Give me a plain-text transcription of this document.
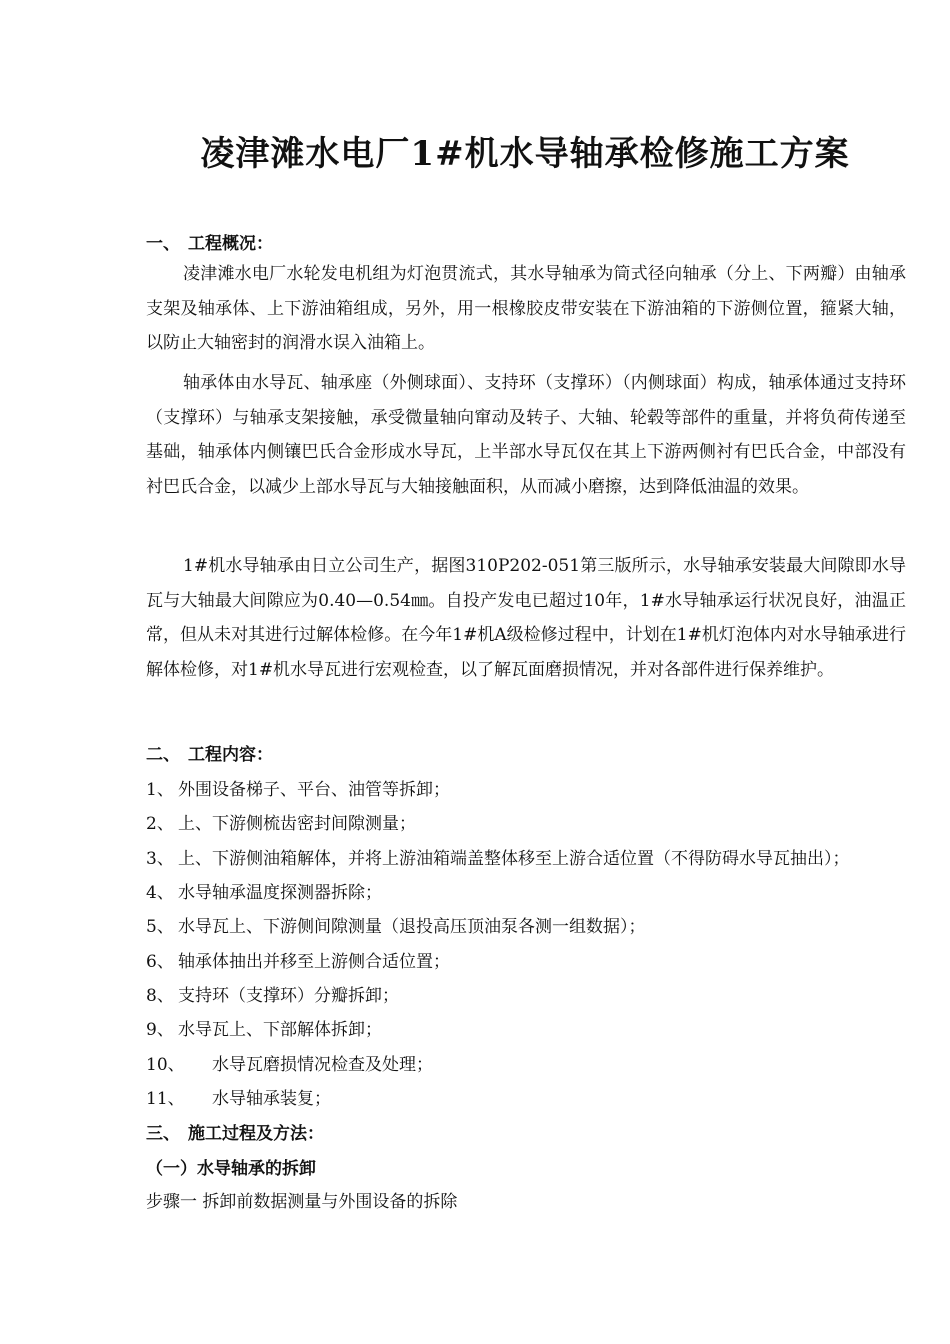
凌津滩水电厂1#机水导轴承检修施工方案
一、 工程概况：

凌津滩水电厂水轮发电机组为灯泡贯流式，其水导轴承为筒式径向轴承（分上、下两瓣）由轴承支架及轴承体、上下游油箱组成，另外，用一根橡胶皮带安装在下游油箱的下游侧位置，箍紧大轴，以防止大轴密封的润滑水误入油箱上。

轴承体由水导瓦、轴承座（外侧球面）、支持环（支撑环）（内侧球面）构成，轴承体通过支持环（支撑环）与轴承支架接触，承受微量轴向窜动及转子、大轴、轮毂等部件的重量，并将负荷传递至基础，轴承体内侧镶巴氏合金形成水导瓦，上半部水导瓦仅在其上下游两侧衬有巴氏合金，中部没有衬巴氏合金，以减少上部水导瓦与大轴接触面积，从而减小磨擦，达到降低油温的效果。

1#机水导轴承由日立公司生产，据图310P202-051第三版所示，水导轴承安装最大间隙即水导瓦与大轴最大间隙应为0.40—0.54㎜。自投产发电已超过10年，1#水导轴承运行状况良好，油温正常，但从未对其进行过解体检修。在今年1#机A级检修过程中，计划在1#机灯泡体内对水导轴承进行解体检修，对1#机水导瓦进行宏观检查，以了解瓦面磨损情况，并对各部件进行保养维护。

二、 工程内容：
1、 外围设备梯子、平台、油管等拆卸；
2、 上、下游侧梳齿密封间隙测量；
3、 上、下游侧油箱解体，并将上游油箱端盖整体移至上游合适位置（不得防碍水导瓦抽出）；
4、 水导轴承温度探测器拆除；
5、 水导瓦上、下游侧间隙测量（退投高压顶油泵各测一组数据）；
6、 轴承体抽出并移至上游侧合适位置；
8、 支持环（支撑环）分瓣拆卸；
9、 水导瓦上、下部解体拆卸；
10、 水导瓦磨损情况检查及处理；
11、 水导轴承装复；
三、 施工过程及方法：
（一）水导轴承的拆卸
步骤一 拆卸前数据测量与外围设备的拆除
